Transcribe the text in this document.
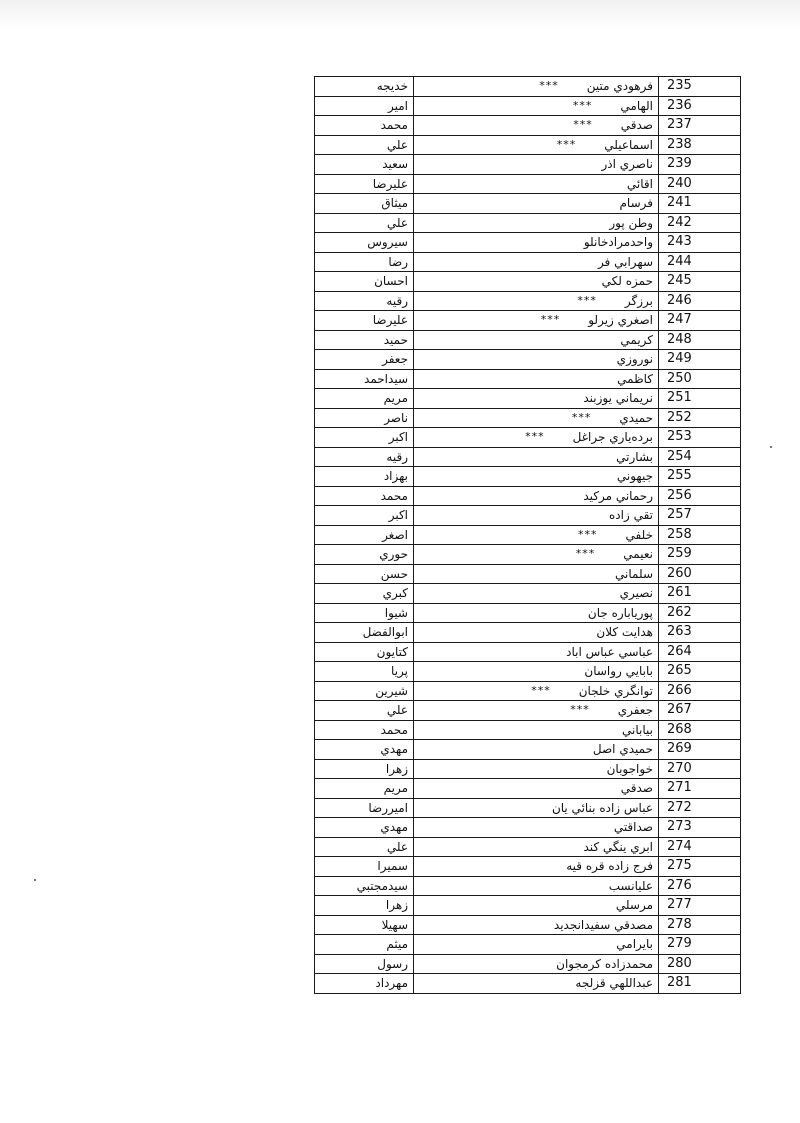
235	فرهودي متين***	خديجه
236	الهامي***	امير
237	صدقي***	محمد
238	اسماعيلي***	علي
239	ناصري اذر	سعيد
240	اقائي	عليرضا
241	فرسام	ميثاق
242	وطن پور	علي
243	واحدمرادخانلو	سيروس
244	سهرابي فر	رضا
245	حمزه لكي	احسان
246	برزگر***	رقيه
247	اصغري زيرلو***	عليرضا
248	كريمي	حميد
249	نوروزي	جعفر
250	كاظمي	سيداحمد
251	نريماني يوزبند	مريم
252	حميدي***	ناصر
253	برده‌ياري جراغل***	اكبر
254	بشارتي	رقيه
255	جيهوني	بهزاد
256	رحماني مركيد	محمد
257	تقي زاده	اكبر
258	خلفي***	اصغر
259	نعيمي***	حوري
260	سلماني	حسن
261	نصيري	كبري
262	پورياباره جان	شيوا
263	هدايت كلان	ابوالفضل
264	عباسي عباس اباد	كتايون
265	بابايي رواسان	پريا
266	توانگري خلجان***	شيرين
267	جعفري***	علي
268	بياباني	محمد
269	حميدي اصل	مهدي
270	خواجوبان	زهرا
271	صدقي	مريم
272	عباس زاده بنائي يان	اميررضا
273	صداقتي	مهدي
274	ابري ينگي كند	علي
275	فرج زاده قره قيه	سميرا
276	عليانسب	سيدمجتبي
277	مرسلي	زهرا
278	مصدقي سفيدانجديد	سهيلا
279	بايرامي	ميثم
280	محمدزاده كرمجوان	رسول
281	عبداللهي قزلجه	مهرداد
